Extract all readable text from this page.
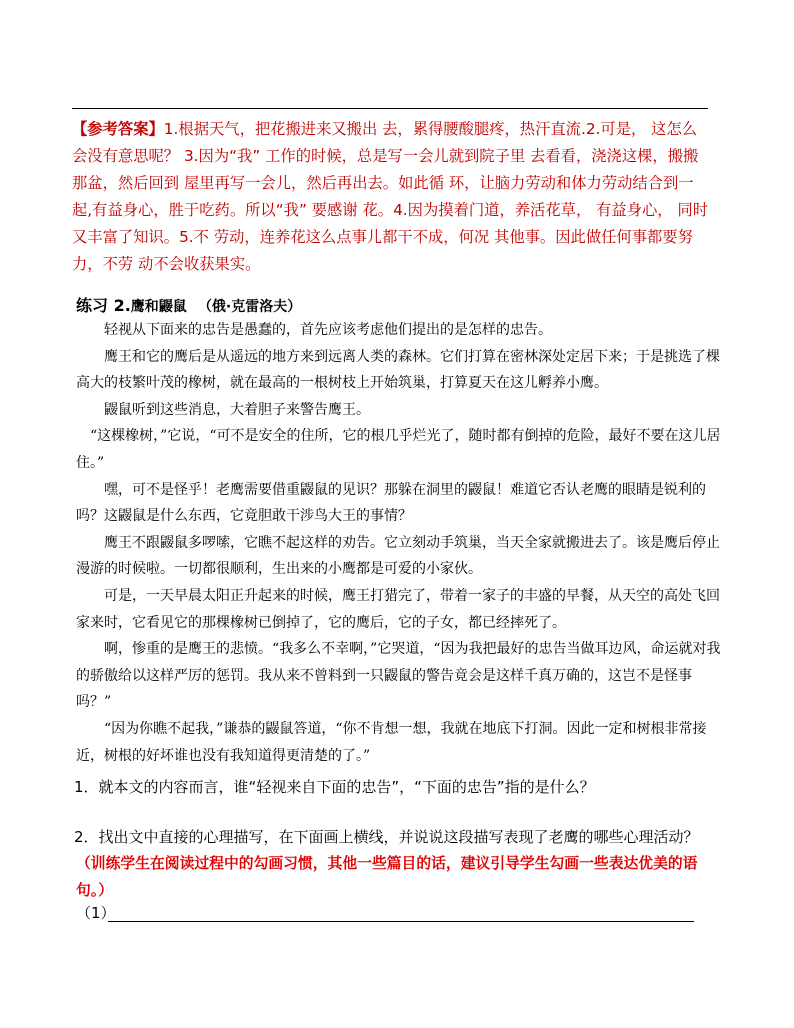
【参考答案】1.根据天气，把花搬进来又搬出 去，累得腰酸腿疼，热汗直流.2.可是， 这怎么会没有意思呢？ 3.因为“我” 工作的时候，总是写一会儿就到院子里 去看看，浇浇这棵，搬搬那盆，然后回到 屋里再写一会儿，然后再出去。如此循 环，让脑力劳动和体力劳动结合到一起,有益身心，胜于吃药。所以“我” 要感谢 花。4.因为摸着门道，养活花草， 有益身心， 同时又丰富了知识。5.不 劳动，连养花这么点事儿都干不成，何况 其他事。因此做任何事都要努力，不劳 动不会收获果实。
练习 2.鹰和鼹鼠 （俄·克雷洛夫）

轻视从下面来的忠告是愚蠢的，首先应该考虑他们提出的是怎样的忠告。

鹰王和它的鹰后是从遥远的地方来到远离人类的森林。它们打算在密林深处定居下来；于是挑选了棵高大的枝繁叶茂的橡树，就在最高的一根树枝上开始筑巢，打算夏天在这儿孵养小鹰。

鼹鼠听到这些消息，大着胆子来警告鹰王。

“这棵橡树，”它说，“可不是安全的住所，它的根几乎烂光了，随时都有倒掉的危险，最好不要在这儿居住。”

嘿，可不是怪乎！老鹰需要借重鼹鼠的见识？那躲在洞里的鼹鼠！难道它否认老鹰的眼睛是锐利的吗？这鼹鼠是什么东西，它竟胆敢干涉鸟大王的事情？

鹰王不跟鼹鼠多啰嗦，它瞧不起这样的劝告。它立刻动手筑巢，当天全家就搬进去了。该是鹰后停止漫游的时候啦。一切都很顺利，生出来的小鹰都是可爱的小家伙。

可是，一天早晨太阳正升起来的时候，鹰王打猎完了，带着一家子的丰盛的早餐，从天空的高处飞回家来时，它看见它的那棵橡树已倒掉了，它的鹰后，它的子女，都已经摔死了。

啊，惨重的是鹰王的悲愤。“我多么不幸啊，”它哭道，“因为我把最好的忠告当做耳边风，命运就对我的骄傲给以这样严厉的惩罚。我从来不曾料到一只鼹鼠的警告竟会是这样千真万确的，这岂不是怪事吗？”

“因为你瞧不起我，”谦恭的鼹鼠答道，“你不肯想一想，我就在地底下打洞。因此一定和树根非常接近，树根的好坏谁也没有我知道得更清楚的了。”

1．就本文的内容而言，谁“轻视来自下面的忠告”，“下面的忠告”指的是什么？
2．找出文中直接的心理描写，在下面画上横线，并说说这段描写表现了老鹰的哪些心理活动？
（训练学生在阅读过程中的勾画习惯，其他一些篇目的话，建议引导学生勾画一些表达优美的语句。）
（1）
